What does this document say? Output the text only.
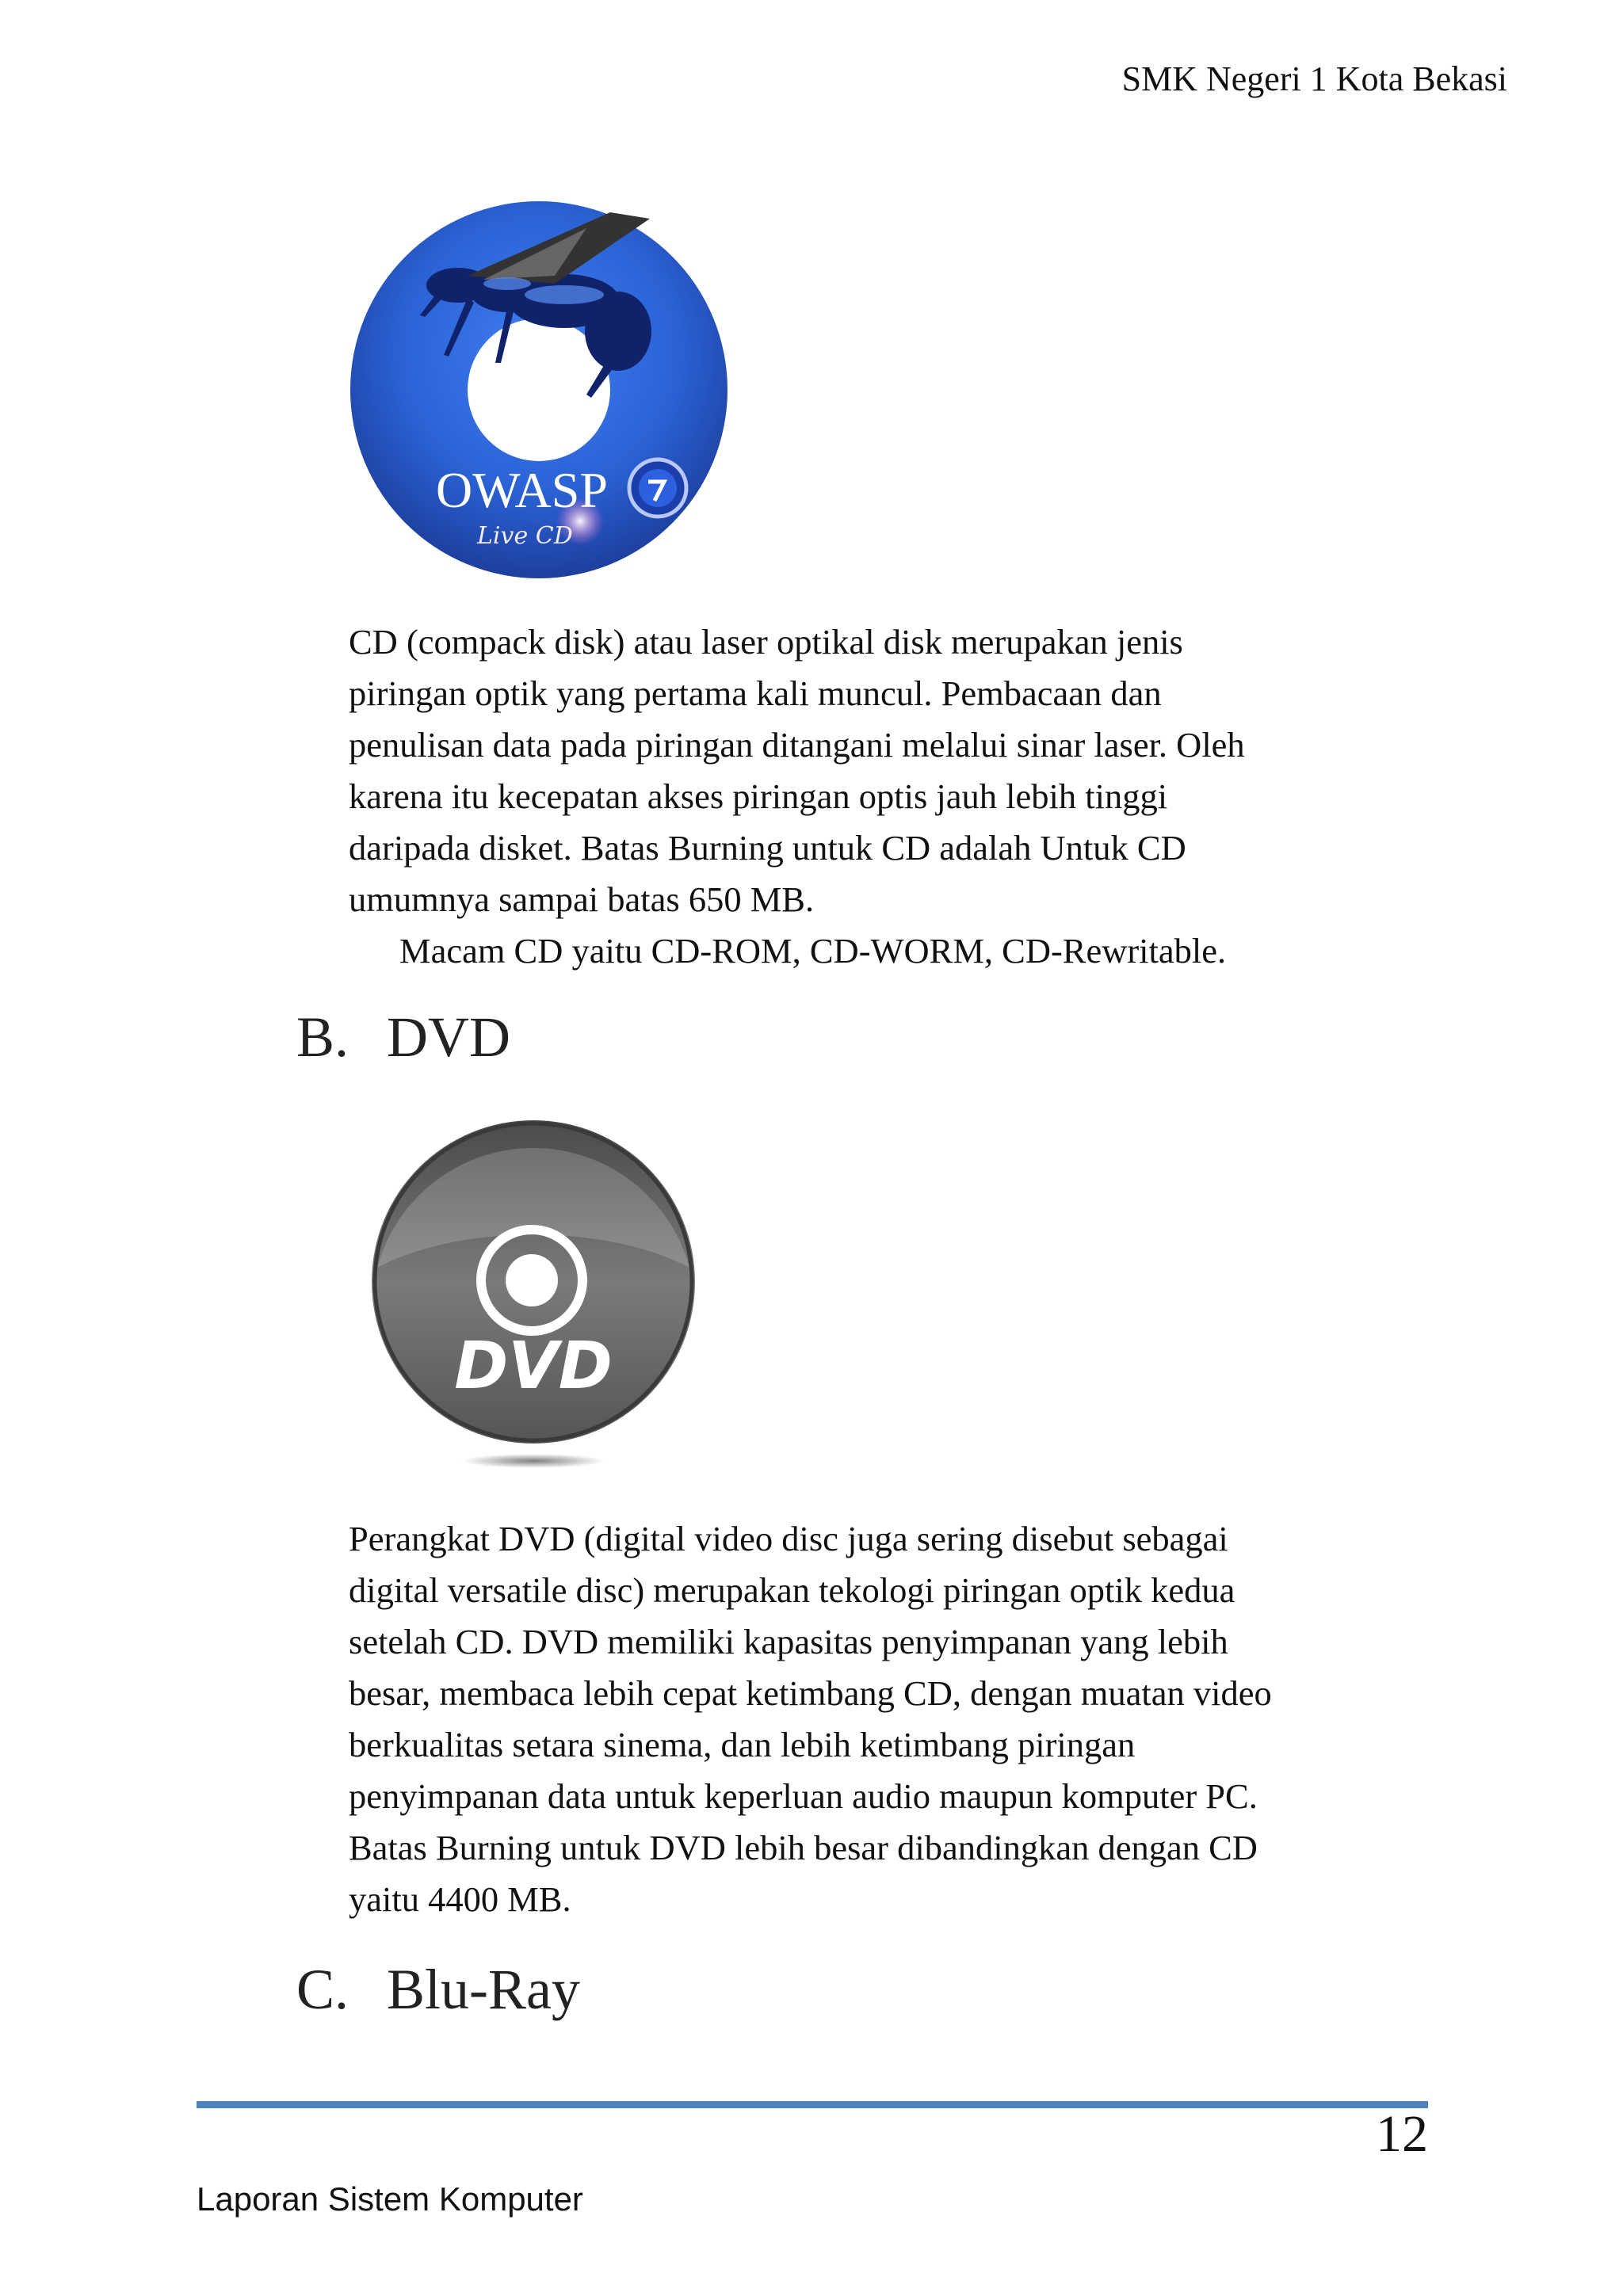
SMK Negeri 1 Kota Bekasi
OWASP
Live CD

CD (compack disk) atau laser optikal disk merupakan jenis

piringan optik yang pertama kali muncul. Pembacaan dan

penulisan data pada piringan ditangani melalui sinar laser. Oleh

karena itu kecepatan akses piringan optis jauh lebih tinggi

daripada disket. Batas Burning untuk CD adalah Untuk CD

umumnya sampai batas 650 MB.

Macam CD yaitu CD-ROM, CD-WORM, CD-Rewritable.

B. DVD
DVD

Perangkat DVD (digital video disc juga sering disebut sebagai

digital versatile disc) merupakan tekologi piringan optik kedua

setelah CD. DVD memiliki kapasitas penyimpanan yang lebih

besar, membaca lebih cepat ketimbang CD, dengan muatan video

berkualitas setara sinema, dan lebih ketimbang piringan

penyimpanan data untuk keperluan audio maupun komputer PC.

Batas Burning untuk DVD lebih besar dibandingkan dengan CD

yaitu 4400 MB.

C. Blu-Ray
12
Laporan Sistem Komputer
